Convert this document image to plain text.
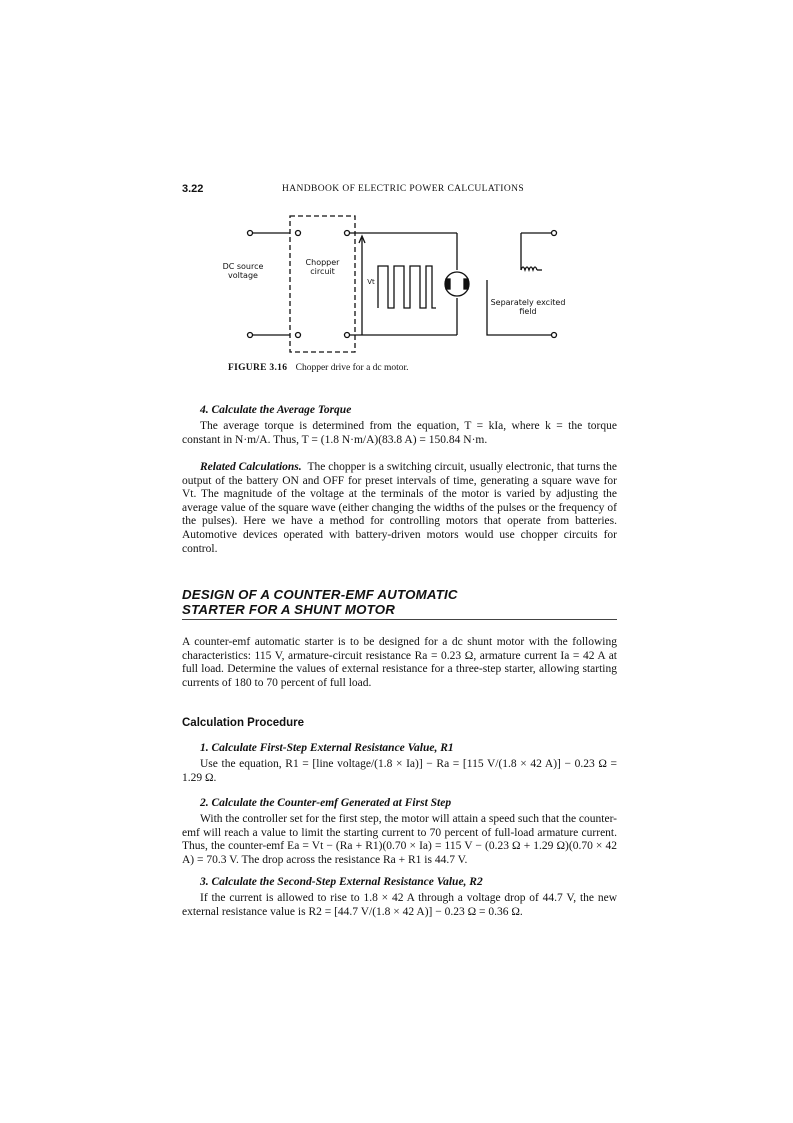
3.22	HANDBOOK OF ELECTRIC POWER CALCULATIONS
DC source voltage
Chopper circuit
Vt
Separately excited field
FIGURE 3.16 Chopper drive for a dc motor.
4. Calculate the Average Torque
The average torque is determined from the equation, T = kIa, where k = the torque constant in N·m/A. Thus, T = (1.8 N·m/A)(83.8 A) = 150.84 N·m.
Related Calculations. The chopper is a switching circuit, usually electronic, that turns the output of the battery ON and OFF for preset intervals of time, generating a square wave for Vt. The magnitude of the voltage at the terminals of the motor is varied by adjusting the average value of the square wave (either changing the widths of the pulses or the frequency of the pulses). Here we have a method for controlling motors that operate from batteries. Automotive devices operated with battery-driven motors would use chopper circuits for control.
DESIGN OF A COUNTER-EMF AUTOMATIC
STARTER FOR A SHUNT MOTOR
A counter-emf automatic starter is to be designed for a dc shunt motor with the following characteristics: 115 V, armature-circuit resistance Ra = 0.23 Ω, armature current Ia = 42 A at full load. Determine the values of external resistance for a three-step starter, allowing starting currents of 180 to 70 percent of full load.
Calculation Procedure
1. Calculate First-Step External Resistance Value, R1
Use the equation, R1 = [line voltage/(1.8 × Ia)] − Ra = [115 V/(1.8 × 42 A)] − 0.23 Ω = 1.29 Ω.
2. Calculate the Counter-emf Generated at First Step
With the controller set for the first step, the motor will attain a speed such that the counter-emf will reach a value to limit the starting current to 70 percent of full-load armature current. Thus, the counter-emf Ea = Vt − (Ra + R1)(0.70 × Ia) = 115 V − (0.23 Ω + 1.29 Ω)(0.70 × 42 A) = 70.3 V. The drop across the resistance Ra + R1 is 44.7 V.
3. Calculate the Second-Step External Resistance Value, R2
If the current is allowed to rise to 1.8 × 42 A through a voltage drop of 44.7 V, the new external resistance value is R2 = [44.7 V/(1.8 × 42 A)] − 0.23 Ω = 0.36 Ω.
